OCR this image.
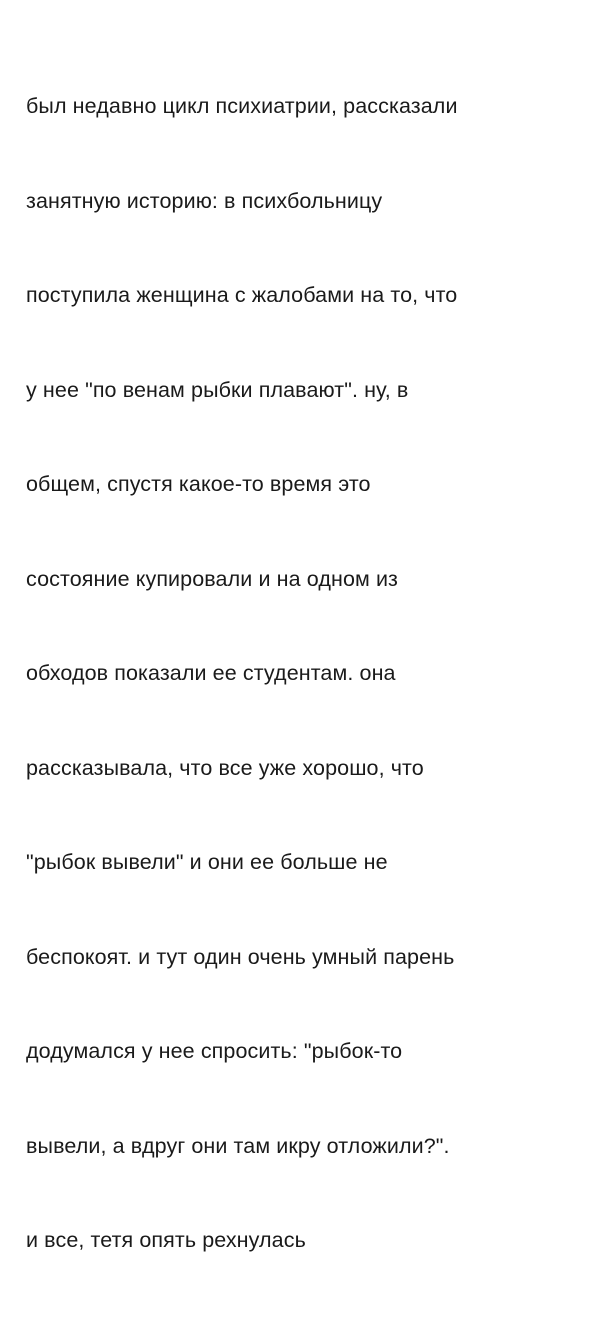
был недавно цикл психиатрии, рассказали

занятную историю: в психбольницу

поступила женщина с жалобами на то, что

у нее "по венам рыбки плавают". ну, в

общем, спустя какое-то время это

состояние купировали и на одном из

обходов показали ее студентам. она

рассказывала, что все уже хорошо, что

"рыбок вывели" и они ее больше не

беспокоят. и тут один очень умный парень

додумался у нее спросить: "рыбок-то

вывели, а вдруг они там икру отложили?".

и все, тетя опять рехнулась
